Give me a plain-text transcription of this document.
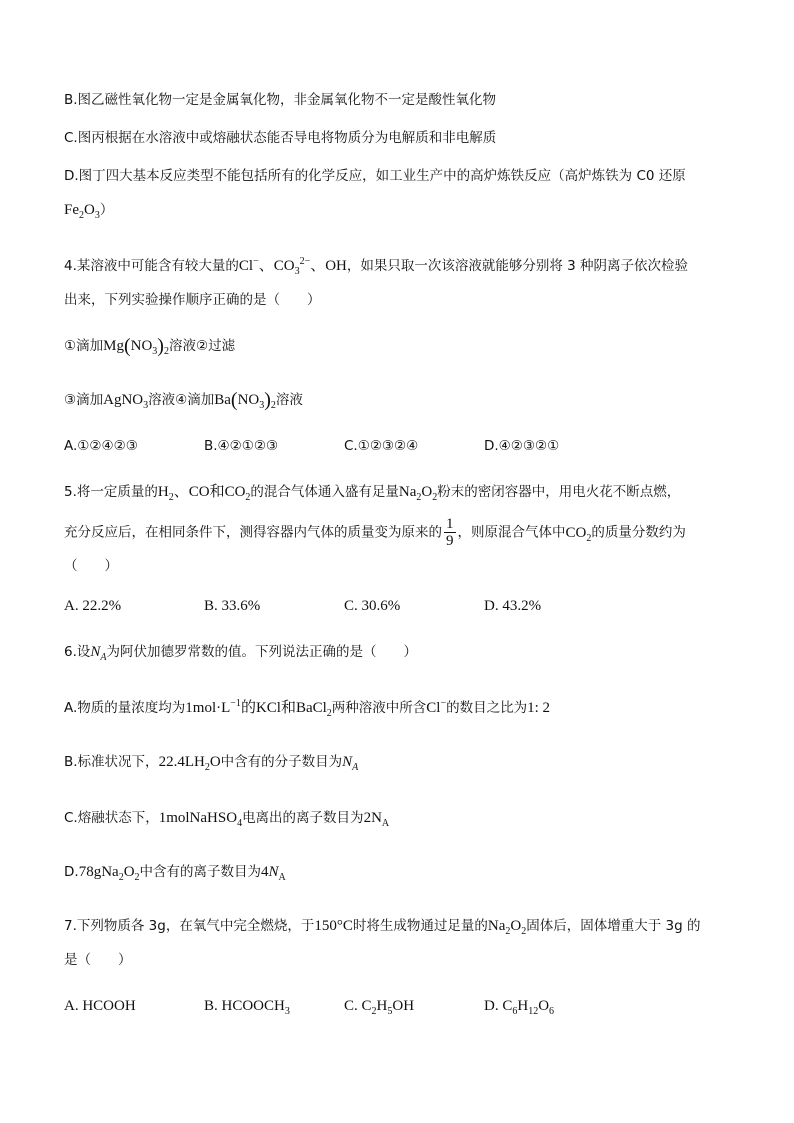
B.图乙磁性氧化物一定是金属氧化物，非金属氧化物不一定是酸性氧化物
C.图丙根据在水溶液中或熔融状态能否导电将物质分为电解质和非电解质
D.图丁四大基本反应类型不能包括所有的化学反应，如工业生产中的高炉炼铁反应（高炉炼铁为 C0 还原
$Fe_2O_3$）
4.某溶液中可能含有较大量的Cl−、$CO_3^{2-}$、OH，如果只取一次该溶液就能够分别将 3 种阴离子依次检验
出来，下列实验操作顺序正确的是（　　）
①滴加$Mg(NO_3)_2$溶液②过滤
③滴加AgNO$_3$溶液④滴加$Ba(NO_3)_2$溶液
A.①②④②③	B.④②①②③	C.①②③②④	D.④②③②①
5.将一定质量的$H_2$、CO和$CO_2$的混合气体通入盛有足量$Na_2O_2$粉末的密闭容器中，用电火花不断点燃，
充分反应后，在相同条件下，测得容器内气体的质量变为原来的 $\frac{1}{9}$ ，则原混合气体中$CO_2$的质量分数约为
（　　）
A. 22.2%	B. 33.6%	C. 30.6%	D. 43.2%
6.设$N_A$为阿伏加德罗常数的值。下列说法正确的是（　　）
A.物质的量浓度均为$1mol\cdot L^{-1}$的KCl和BaCl$_2$两种溶液中所含Cl−的数目之比为1: 2
B.标准状况下，$22.4LH_2O$中含有的分子数目为$N_A$
C.熔融状态下，1molNaHSO$_4$电离出的离子数目为$2N_A$
$D.78gNa_2O_2$中含有的离子数目为$4N_A$
7.下列物质各 3g，在氧气中完全燃烧，于150°C时将生成物通过足量的$Na_2O_2$固体后，固体增重大于 3g 的
是（　　）
A. HCOOH	B. $HCOOCH_3$	C. $C_2H_5OH$	D. $C_6H_{12}O_6$
